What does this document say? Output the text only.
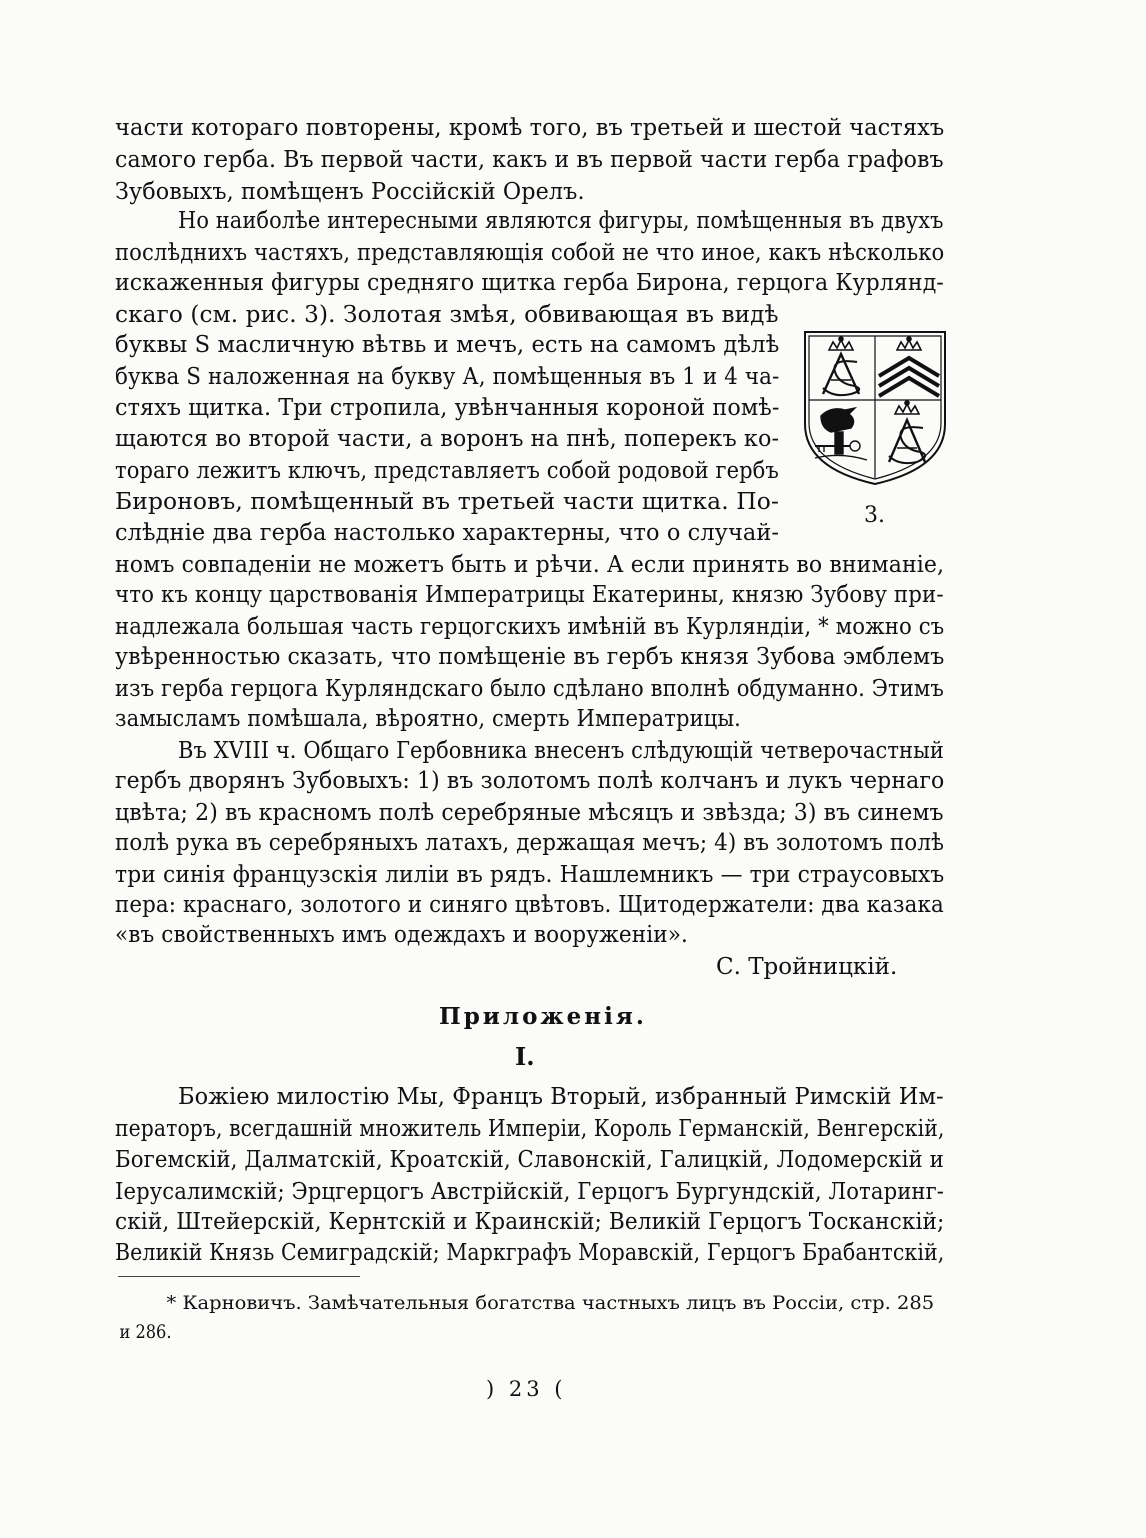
части котораго повторены, кромѣ того, въ третьей и шестой частяхъ
самого герба. Въ первой части, какъ и въ первой части герба графовъ
Зубовыхъ, помѣщенъ Россiйскiй Орелъ.
Но наиболѣе интересными являются фигуры, помѣщенныя въ двухъ
послѣднихъ частяхъ, представляющiя собой не что иное, какъ нѣсколько
искаженныя фигуры средняго щитка герба Бирона, герцога Курлянд-
скаго (см. рис. 3). Золотая змѣя, обвивающая въ видѣ
буквы S масличную вѣтвь и мечъ, есть на самомъ дѣлѣ
буква S наложенная на букву А, помѣщенныя въ 1 и 4 ча-
стяхъ щитка. Три стропила, увѣнчанныя короной помѣ-
щаются во второй части, а воронъ на пнѣ, поперекъ ко-
тораго лежитъ ключъ, представляетъ собой родовой гербъ
Бироновъ, помѣщенный въ третьей части щитка. По-
слѣднiе два герба настолько характерны, что о случай-
номъ совпаденiи не можетъ быть и рѣчи. А если принять во вниманiе,
что къ концу царствованiя Императрицы Екатерины, князю Зубову при-
надлежала большая часть герцогскихъ имѣнiй въ Курляндiи, * можно съ
увѣренностью сказать, что помѣщенiе въ гербъ князя Зубова эмблемъ
изъ герба герцога Курляндскаго было сдѣлано вполнѣ обдуманно. Этимъ
замысламъ помѣшала, вѣроятно, смерть Императрицы.
Въ XVIII ч. Общаго Гербовника внесенъ слѣдующiй четверочастный
гербъ дворянъ Зубовыхъ: 1) въ золотомъ полѣ колчанъ и лукъ чернаго
цвѣта; 2) въ красномъ полѣ серебряные мѣсяцъ и звѣзда; 3) въ синемъ
полѣ рука въ серебряныхъ латахъ, держащая мечъ; 4) въ золотомъ полѣ
три синiя французскiя лилiи въ рядъ. Нашлемникъ — три страусовыхъ
пера: краснаго, золотого и синяго цвѣтовъ. Щитодержатели: два казака
«въ свойственныхъ имъ одеждахъ и вооруженiи».
С. Тройницкiй.
Приложенiя.
I.
Божiею милостiю Мы, Францъ Вторый, избранный Римскiй Им-
ператоръ, всегдашнiй множитель Имперiи, Король Германскiй, Венгерскiй,
Богемскiй, Далматскiй, Кроатскiй, Славонскiй, Галицкiй, Лодомерскiй и
Iерусалимскiй; Эрцгерцогъ Австрiйскiй, Герцогъ Бургундскiй, Лотаринг-
скiй, Штейерскiй, Кернтскiй и Краинскiй; Великiй Герцогъ Тосканскiй;
Великiй Князь Семиградскiй; Маркграфъ Моравскiй, Герцогъ Брабантскiй,
* Карновичъ. Замѣчательныя богатства частныхъ лицъ въ Россiи, стр. 285
и 286.
) 23 (
3.
